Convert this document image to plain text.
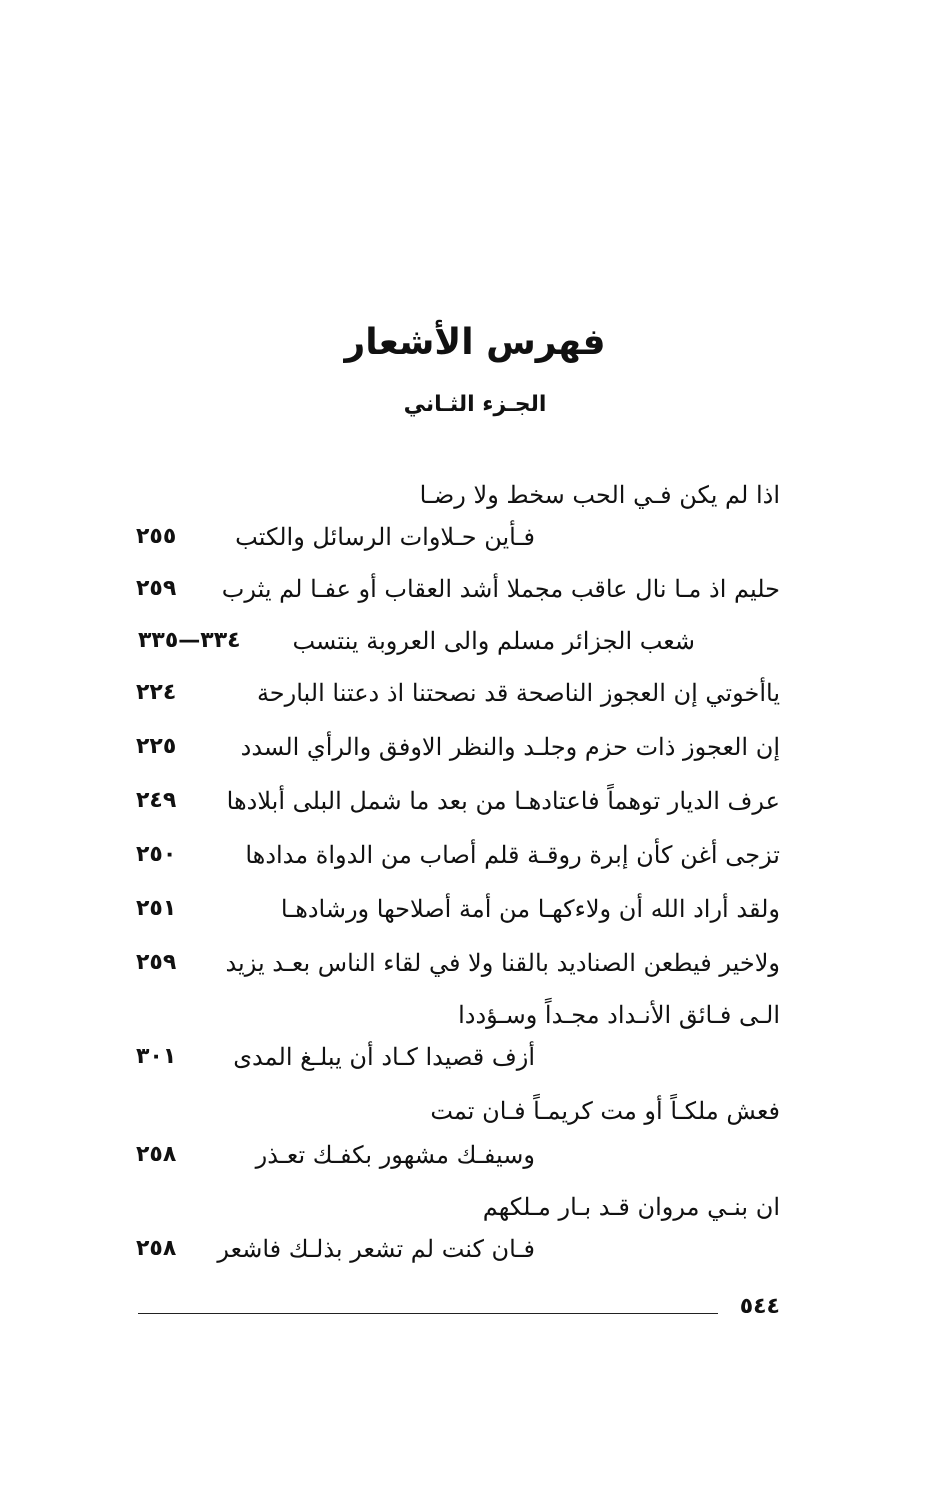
فهرس الأشعار
الجـزء الثـاني
اذا لم يكن فـي الحب سخط ولا رضـا
فـأين حـلاوات الرسائل والكتب
٢٥٥
حليم اذ مـا نال عاقب مجملا أشد العقاب أو عفـا لم يثرب
٢٥٩
شعب الجزائر مسلم والى العروبة ينتسب
٣٣٤—٣٣٥
ياأخوتي إن العجوز الناصحة قد نصحتنا اذ دعتنا البارحة
٢٢٤
إن العجوز ذات حزم وجلـد والنظر الاوفق والرأي السدد
٢٢٥
عرف الديار توهماً فاعتادهـا من بعد ما شمل البلى أبلادها
٢٤٩
تزجى أغن كأن إبرة روقـة قلم أصاب من الدواة مدادها
٢٥٠
ولقد أراد الله أن ولاءكهـا من أمة أصلاحها ورشادهـا
٢٥١
ولاخير فيطعن الصناديد بالقنا ولا في لقاء الناس بعـد يزيد
٢٥٩
الـى فـائق الأنـداد مجـداً وسـؤددا
أزف قصيدا كـاد أن يبلـغ المدى
٣٠١
فعش ملكـاً أو مت كريمـاً فـان تمت
وسيفـك مشهور بكفـك تعـذر
٢٥٨
ان بنـي مروان قـد بـار مـلكهم
فـان كنت لم تشعر بذلـك فاشعر
٢٥٨
٥٤٤
